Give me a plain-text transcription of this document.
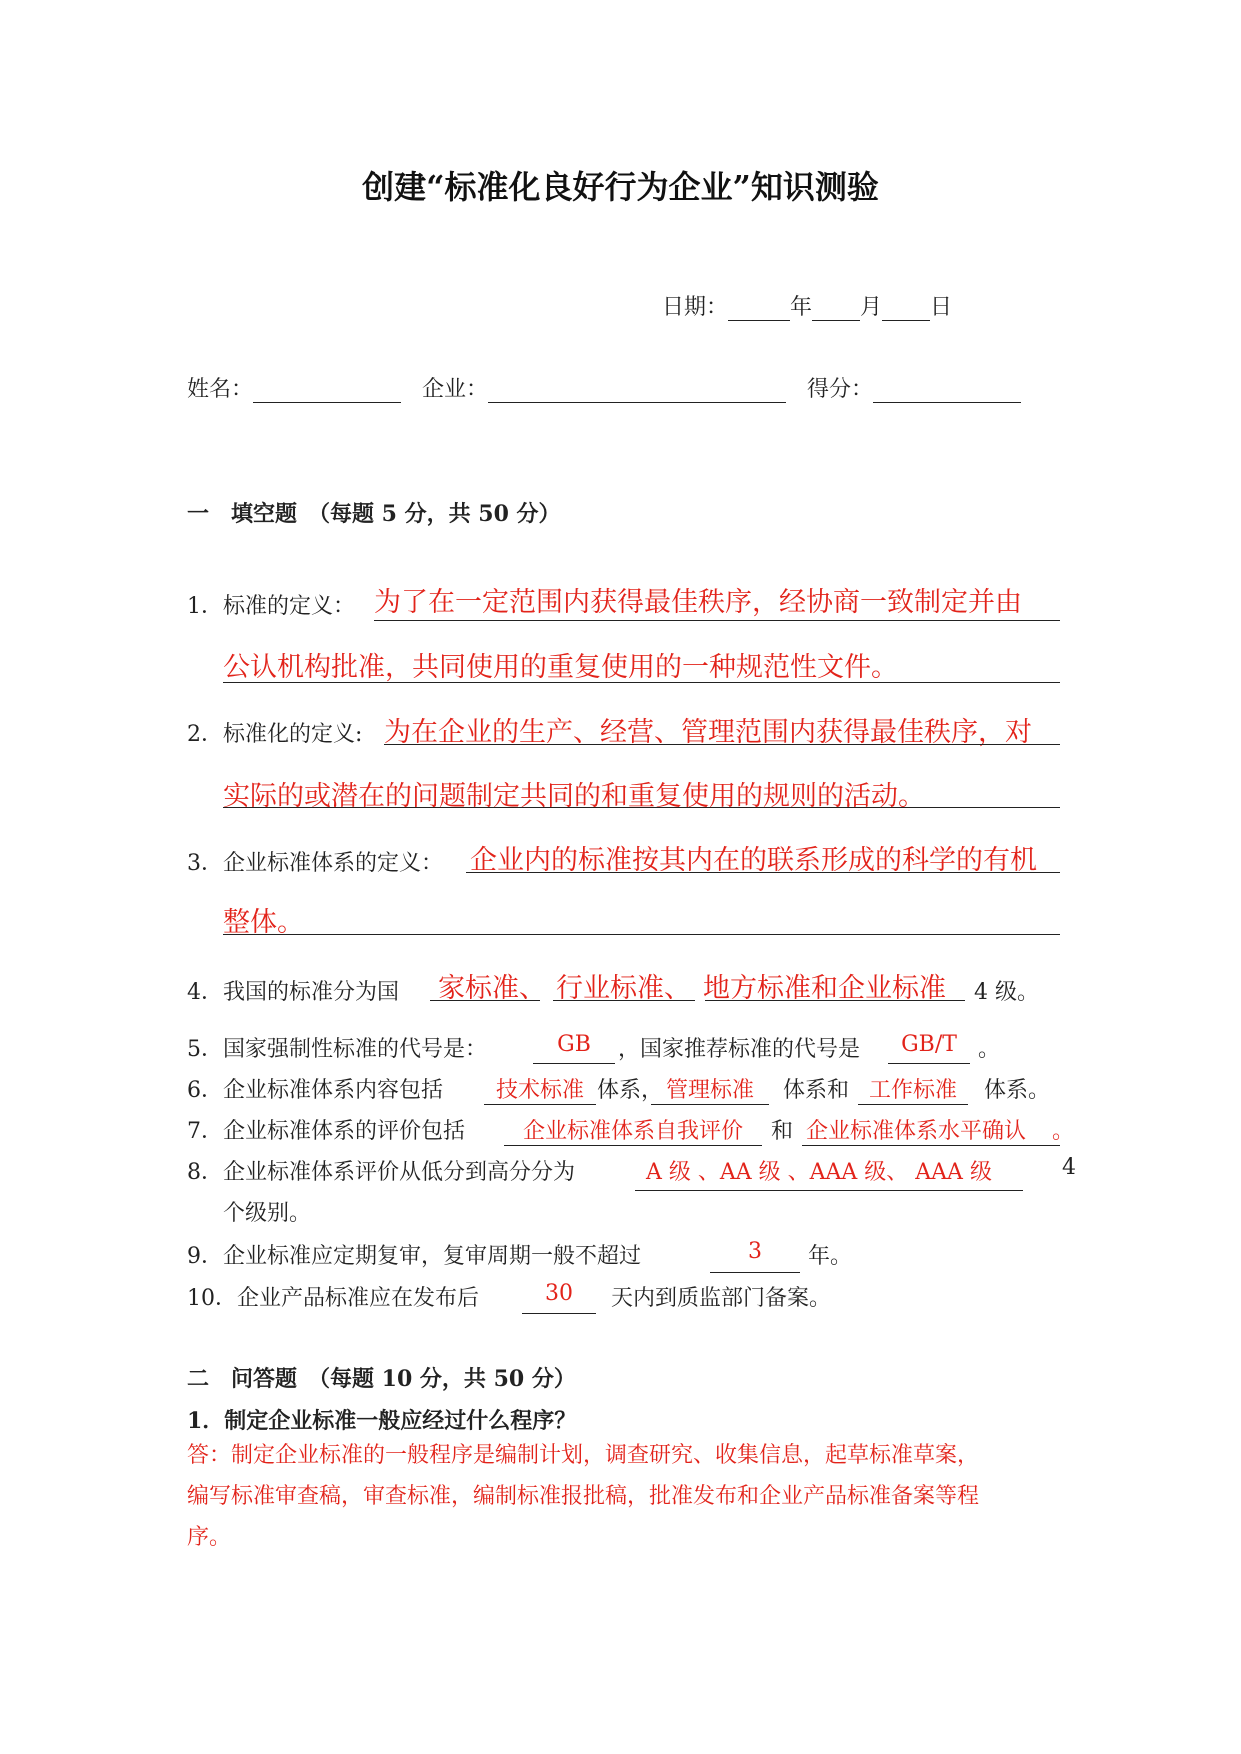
创建“标准化良好行为企业”知识测验
日期：	年 月 日
姓名：	企业：	得分：
一　填空题　（每题 5 分，共 50 分）
1．标准的定义： 为了在一定范围内获得最佳秩序，经协商一致制定并由
公认机构批准，共同使用的重复使用的一种规范性文件。
2．标准化的定义: 为在企业的生产、经营、管理范围内获得最佳秩序，对
实际的或潜在的问题制定共同的和重复使用的规则的活动。
3．企业标准体系的定义： 企业内的标准按其内在的联系形成的科学的有机
整体。
4．我国的标准分为国 家标准、 行业标准、 地方标准和企业标准 4 级。
5．国家强制性标准的代号是：	GB	，国家推荐标准的代号是	GB/T 。
6．企业标准体系内容包括	技术标准 体系， 管理标准	体系和 工作标准	体系。
7．企业标准体系的评价包括	企业标准体系自我评价	和 企业标准体系水平确认 。
8．企业标准体系评价从低分到高分分为	A 级 、AA 级 、AAA 级、 AAA 级	4
个级别。
9．企业标准应定期复审，复审周期一般不超过	3	年。
10．企业产品标准应在发布后	30	天内到质监部门备案。
二　问答题　（每题 10 分，共 50 分）
1．制定企业标准一般应经过什么程序？
答：制定企业标准的一般程序是编制计划，调查研究、收集信息，起草标准草案，
编写标准审查稿，审查标准，编制标准报批稿，批准发布和企业产品标准备案等程
序。
